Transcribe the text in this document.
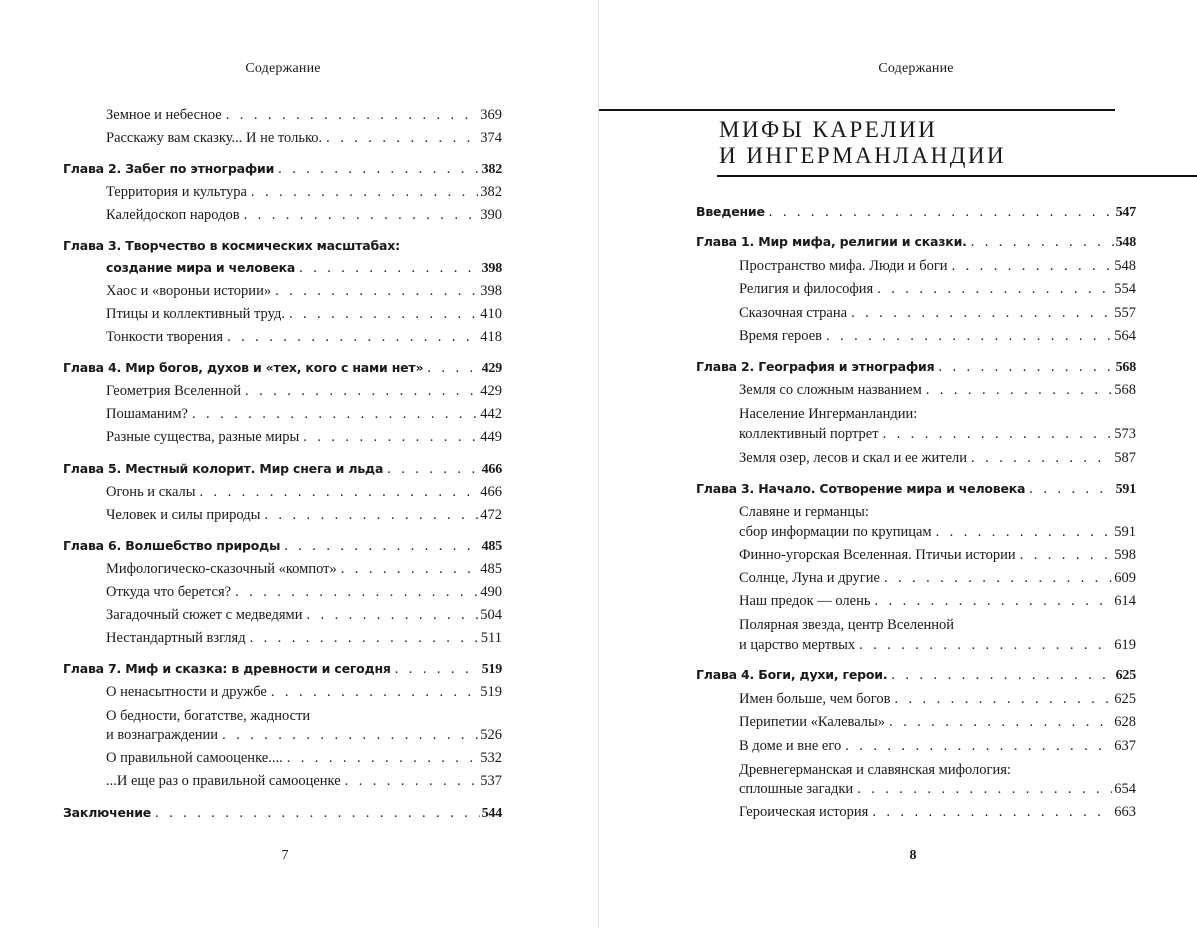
Содержание
Земное и небесное . . .	369
Расскажу вам сказку... И не только. . . .	374
Глава 2. Забег по этнографии . . .	382
Территория и культура . . .	382
Калейдоскоп народов . . .	390
Глава 3. Творчество в космических масштабах:
создание мира и человека . . .	398
Хаос и «вороньи истории» . . .	398
Птицы и коллективный труд. . . .	410
Тонкости творения . . .	418
Глава 4. Мир богов, духов и «тех, кого с нами нет» . . .	429
Геометрия Вселенной . . .	429
Пошаманим? . . .	442
Разные существа, разные миры . . .	449
Глава 5. Местный колорит. Мир снега и льда . . .	466
Огонь и скалы . . .	466
Человек и силы природы . . .	472
Глава 6. Волшебство природы . . .	485
Мифологическо-сказочный «компот» . . .	485
Откуда что берется? . . .	490
Загадочный сюжет с медведями . . .	504
Нестандартный взгляд . . .	511
Глава 7. Миф и сказка: в древности и сегодня . . .	519
О ненасытности и дружбе . . .	519
О бедности, богатстве, жадности
и вознаграждении . . .	526
О правильной самооценке.... . . .	532
...И еще раз о правильной самооценке . . .	537
Заключение . . .	544
7
Содержание
МИФЫ КАРЕЛИИ
И ИНГЕРМАНЛАНДИИ
Введение . . .	547
Глава 1. Мир мифа, религии и сказки. . . .	548
Пространство мифа. Люди и боги . . .	548
Религия и философия . . .	554
Сказочная страна . . .	557
Время героев . . .	564
Глава 2. География и этнография . . .	568
Земля со сложным названием . . .	568
Население Ингерманландии:
коллективный портрет . . .	573
Земля озер, лесов и скал и ее жители . . .	587
Глава 3. Начало. Сотворение мира и человека . . .	591
Славяне и германцы:
сбор информации по крупицам . . .	591
Финно-угорская Вселенная. Птичьи истории . . .	598
Солнце, Луна и другие . . .	609
Наш предок — олень . . .	614
Полярная звезда, центр Вселенной
и царство мертвых . . .	619
Глава 4. Боги, духи, герои. . . .	625
Имен больше, чем богов . . .	625
Перипетии «Калевалы» . . .	628
В доме и вне его . . .	637
Древнегерманская и славянская мифология:
сплошные загадки . . .	654
Героическая история . . .	663
8
